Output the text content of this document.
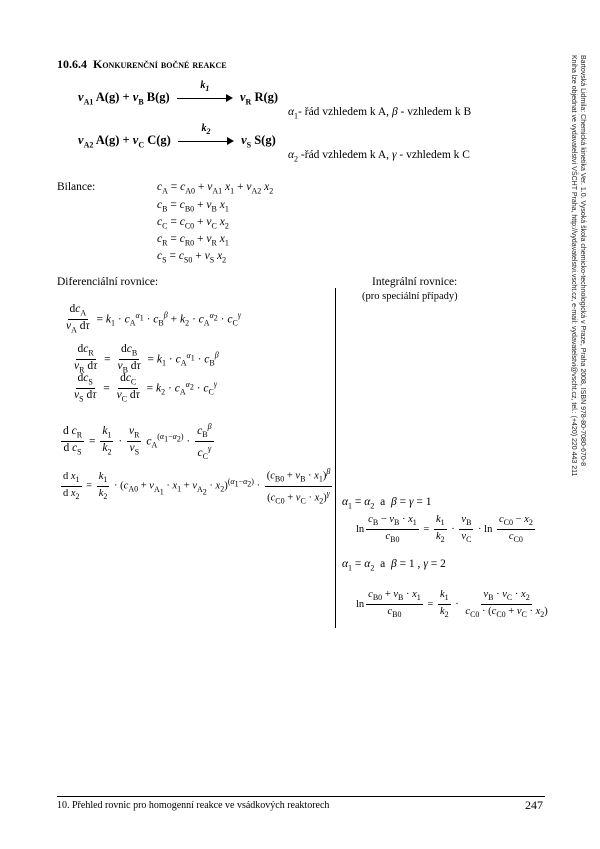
10.6.4 Konkurenční bočné reakce
$\nu_{A1}$ $A(g) + \nu_B$ B(g)
$k_1$
$\nu_R$ R(g)
$\alpha_1-$ řád vzhledem k A, β - vzhledem k B
$\nu_{A2}$ $A(g) + \nu_C$ C(g)
$k_2$
$\nu_S$ S(g)
$\alpha_2$ -řád vzhledem k A, γ - vzhledem k C
Bilance:	$c_A = c_{A0} + \nu_{A1}$ $x_1 + \nu_{A2}$ $x_2$
$c_B = c_{B0} + \nu_B$ $x_1$
$c_C = c_{C0} + \nu_C$ $x_2$
$c_R = c_{R0} + \nu_R$ $x_1$
$c_S = c_{S0} + \nu_S$ $x_2$
Diferenciální rovnice:	Integrální rovnice:
(pro speciální případy)
$\frac{dc_A}{\nu_A d\tau} = k_1 \cdot c_A^{\alpha_1} \cdot c_B^\beta + k_2 \cdot c_A^{\alpha_2} \cdot c_C^\gamma$
$\frac{dc_R}{\nu_R d\tau} = \frac{dc_B}{\nu_B d\tau} = k_1 \cdot c_A^{\alpha_1} \cdot c_B^\beta$
$\frac{dc_S}{\nu_S d\tau} = \frac{dc_C}{\nu_C d\tau} = k_2 \cdot c_A^{\alpha_2} \cdot c_C^\gamma$
$\frac{d c_R}{d c_S} = \frac{k_1}{k_2} \cdot \frac{\nu_R}{\nu_S} c_A^{(\alpha_1-\alpha_2)} \cdot \frac{c_B^\beta}{c_C^\gamma}$
$\frac{d x_1}{d x_2} = \frac{k_1}{k_2} \cdot (c_{A0} + \nu_{A_1} \cdot x_1 + \nu_{A_2} \cdot x_2)^{(\alpha_1-\alpha_2)} \cdot \frac{(c_{B0} + \nu_B \cdot x_1)^\beta}{(c_{C0} + \nu_C \cdot x_2)^\gamma} \alpha_1 = \alpha_2$  a  β = γ = 1
$\ln \frac{c_B - \nu_B \cdot x_1}{c_{B0}} = \frac{k_1}{k_2} \cdot \frac{\nu_B}{\nu_C} \cdot \ln \frac{c_{C0} - x_2}{c_{C0}}$
$\alpha_1 = \alpha_2$  a  β = 1 , γ = 2
$\ln \frac{c_{B0} + \nu_B \cdot x_1}{c_{B0}} = \frac{k_1}{k_2} \cdot \frac{\nu_B \cdot \nu_C \cdot x_2}{c_{C0} \cdot (c_{C0} + \nu_C \cdot x_2)}$
Bartovská Lidmila: Chemická kinetika Ver. 1.0. Vysoká škola chemicko-technologická v Praze, Praha 2008, ISBN 978-80-7080-670-8
Kniha lze objednat ve vydavatelství VŠCHT Praha, http://vydavatelstvi.vscht.cz, e-mail: vydavatelstvi@vscht.cz, tel.: (+420) 220 443 211
10. Přehled rovnic pro homogenní reakce ve vsádkových reaktorech	247
